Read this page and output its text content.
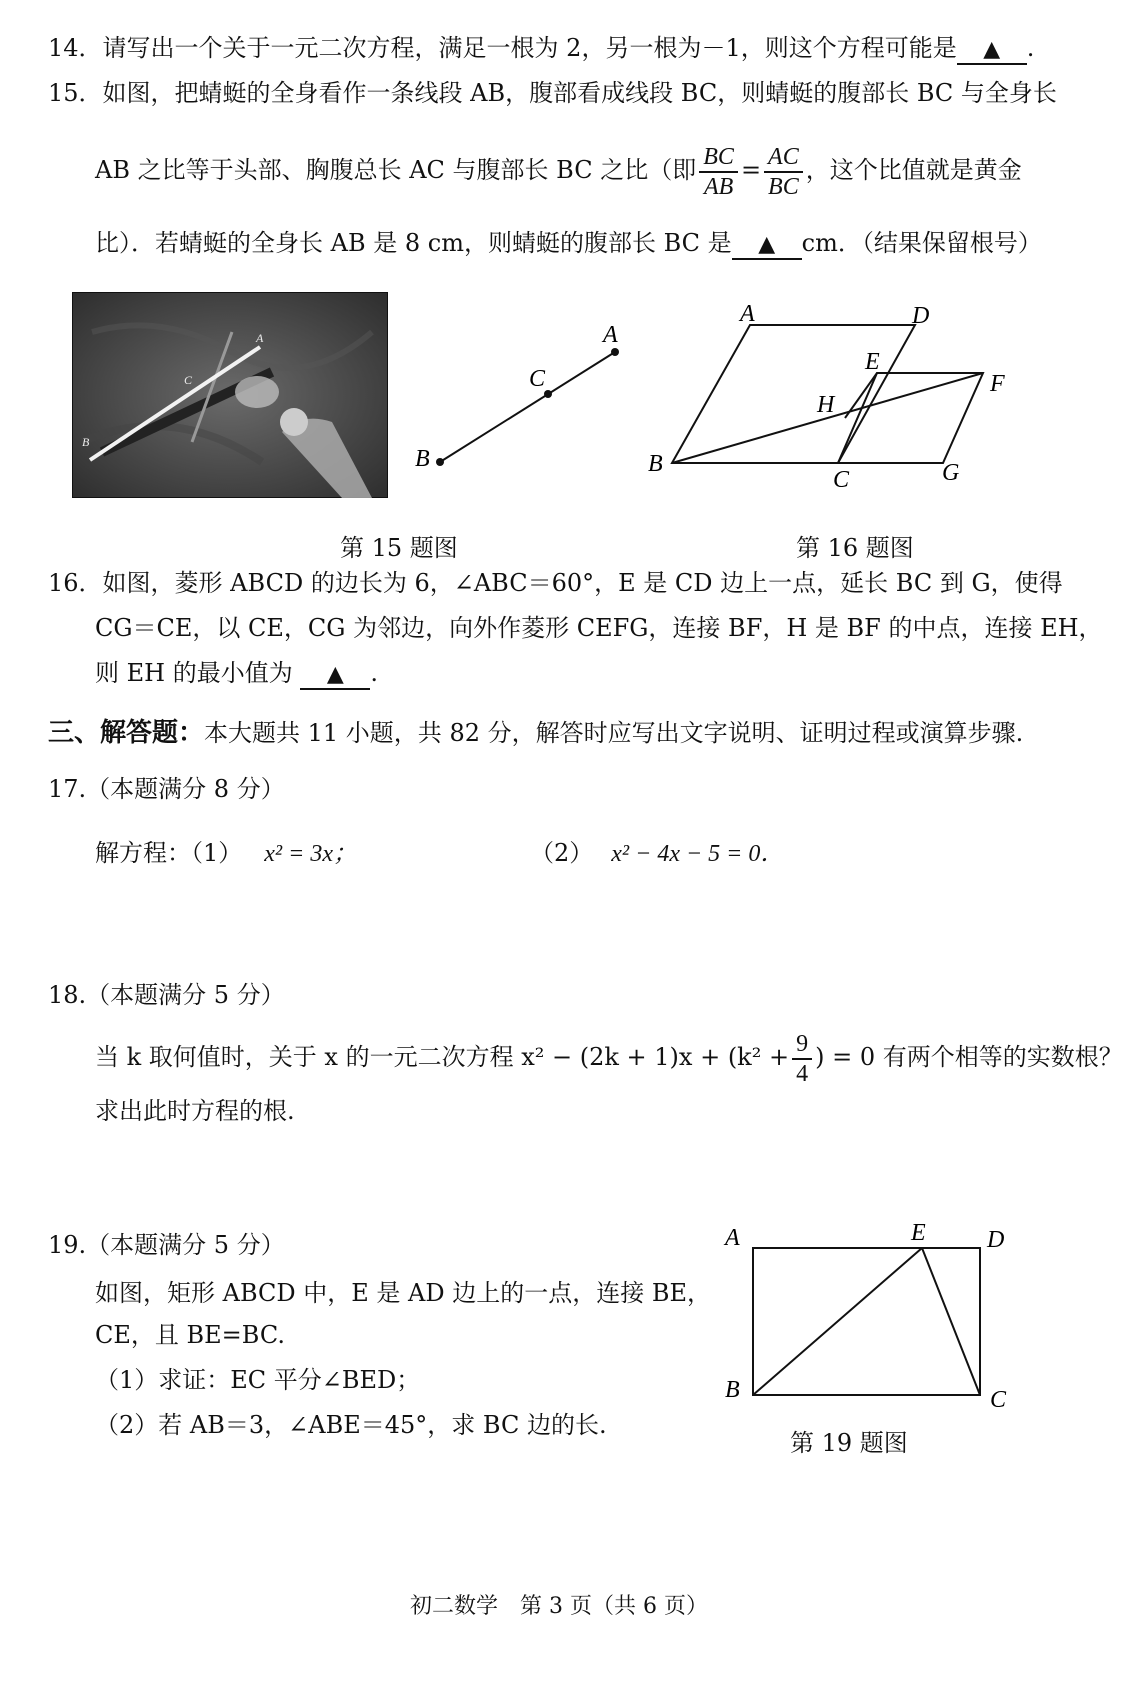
14．请写出一个关于一元二次方程，满足一根为 2，另一根为－1，则这个方程可能是 ▲ .
15．如图，把蜻蜓的全身看作一条线段 AB，腹部看成线段 BC，则蜻蜓的腹部长 BC 与全身长
AB 之比等于头部、胸腹总长 AC 与腹部长 BC 之比（即 $\frac{BC}{AB} = \frac{AC}{BC}$ ，这个比值就是黄金
比）．若蜻蜓的全身长 AB 是 8 cm，则蜻蜓的腹部长 BC 是 ▲ cm．（结果保留根号）
A
C
B
A
C
B
A	D
E
F
H
B
C	G
第 15 题图	第 16 题图
16．如图，菱形 ABCD 的边长为 6，∠ABC＝60°，E 是 CD 边上一点，延长 BC 到 G，使得
CG＝CE，以 CE，CG 为邻边，向外作菱形 CEFG，连接 BF，H 是 BF 的中点，连接 EH，
则 EH 的最小值为 ▲ .
三、解答题：本大题共 11 小题，共 82 分，解答时应写出文字说明、证明过程或演算步骤.
17.（本题满分 8 分）
解方程：（1） x² = 3x；	（2） x² − 4x − 5 = 0．
18.（本题满分 5 分）
当 k 取何值时，关于 x 的一元二次方程 $x^2 - (2k + 1)x + (k^2 + \frac{9}{4}$ ) = 0 有两个相等的实数根？
求出此时方程的根.
19.（本题满分 5 分）
如图，矩形 ABCD 中，E 是 AD 边上的一点，连接 BE，
CE，且 BE=BC.
（1）求证：EC 平分∠BED；
（2）若 AB＝3，∠ABE＝45°，求 BC 边的长.
A	E	D
B	C
第 19 题图
初二数学　第 3 页（共 6 页）
